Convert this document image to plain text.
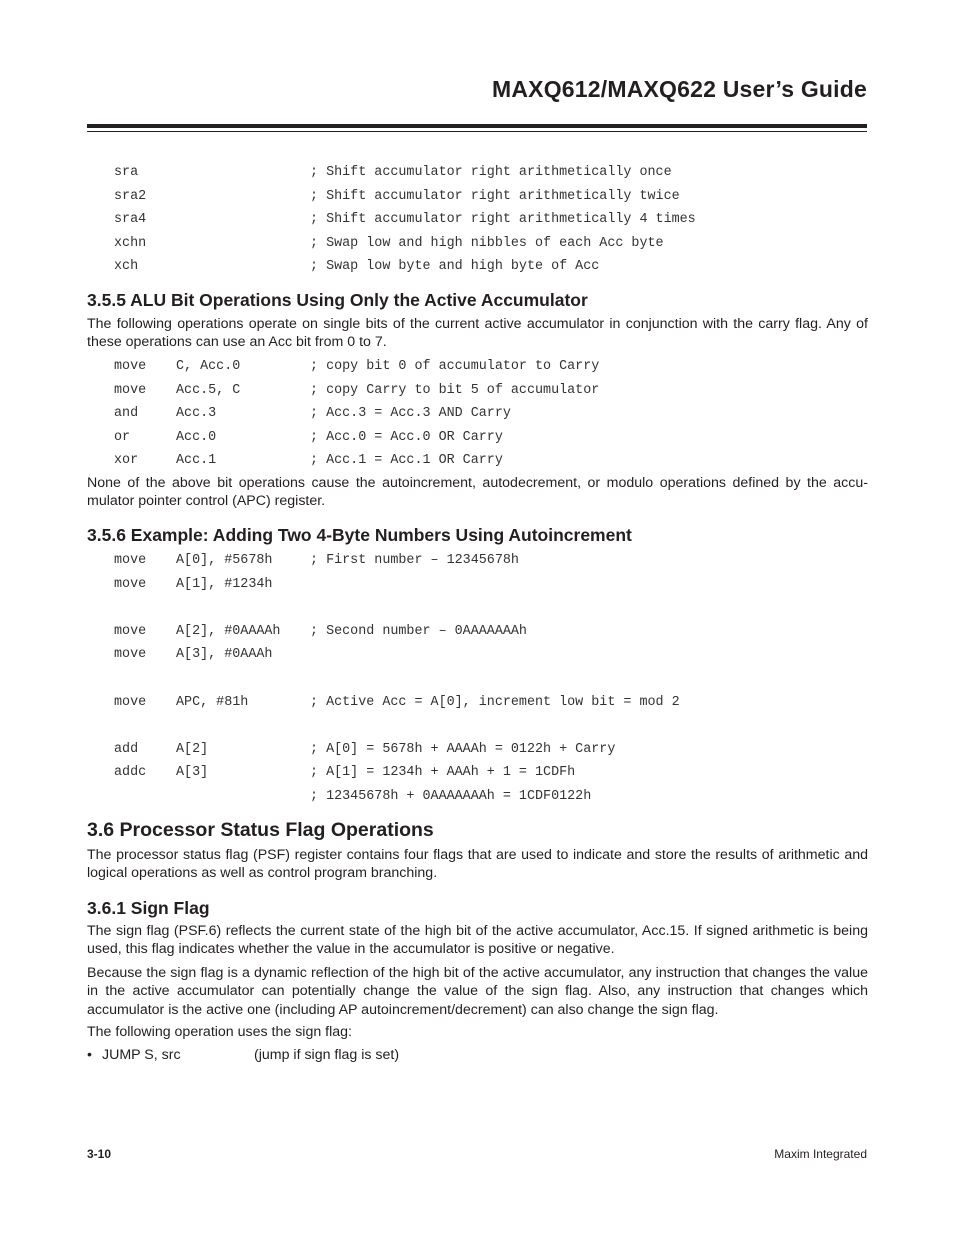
MAXQ612/MAXQ622 User’s Guide
sra	; Shift accumulator right arithmetically once
sra2	; Shift accumulator right arithmetically twice
sra4	; Shift accumulator right arithmetically 4 times
xchn	; Swap low and high nibbles of each Acc byte
xch	; Swap low byte and high byte of Acc
3.5.5 ALU Bit Operations Using Only the Active Accumulator

The following operations operate on single bits of the current active accumulator in conjunction with the carry flag. Any of these operations can use an Acc bit from 0 to 7.

move	C, Acc.0	; copy bit 0 of accumulator to Carry
move	Acc.5, C	; copy Carry to bit 5 of accumulator
and	Acc.3	; Acc.3 = Acc.3 AND Carry
or	Acc.0	; Acc.0 = Acc.0 OR Carry
xor	Acc.1	; Acc.1 = Acc.1 OR Carry

None of the above bit operations cause the autoincrement, autodecrement, or modulo operations defined by the accumulator pointer control (APC) register.

3.5.6 Example: Adding Two 4-Byte Numbers Using Autoincrement
move	A[0], #5678h	; First number – 12345678h
move	A[1], #1234h
move	A[2], #0AAAAh	; Second number – 0AAAAAAAh
move	A[3], #0AAAh
move	APC, #81h	; Active Acc = A[0], increment low bit = mod 2
add	A[2]	; A[0] = 5678h + AAAAh = 0122h + Carry
addc	A[3]	; A[1] = 1234h + AAAh + 1 = 1CDFh
; 12345678h + 0AAAAAAAh = 1CDF0122h
3.6 Processor Status Flag Operations

The processor status flag (PSF) register contains four flags that are used to indicate and store the results of arithmetic and logical operations as well as control program branching.

3.6.1 Sign Flag

The sign flag (PSF.6) reflects the current state of the high bit of the active accumulator, Acc.15. If signed arithmetic is being used, this flag indicates whether the value in the accumulator is positive or negative.

Because the sign flag is a dynamic reflection of the high bit of the active accumulator, any instruction that changes the value in the active accumulator can potentially change the value of the sign flag. Also, any instruction that changes which accumulator is the active one (including AP autoincrement/decrement) can also change the sign flag.

The following operation uses the sign flag:

• JUMP S, src	(jump if sign flag is set)

3-10	Maxim Integrated
